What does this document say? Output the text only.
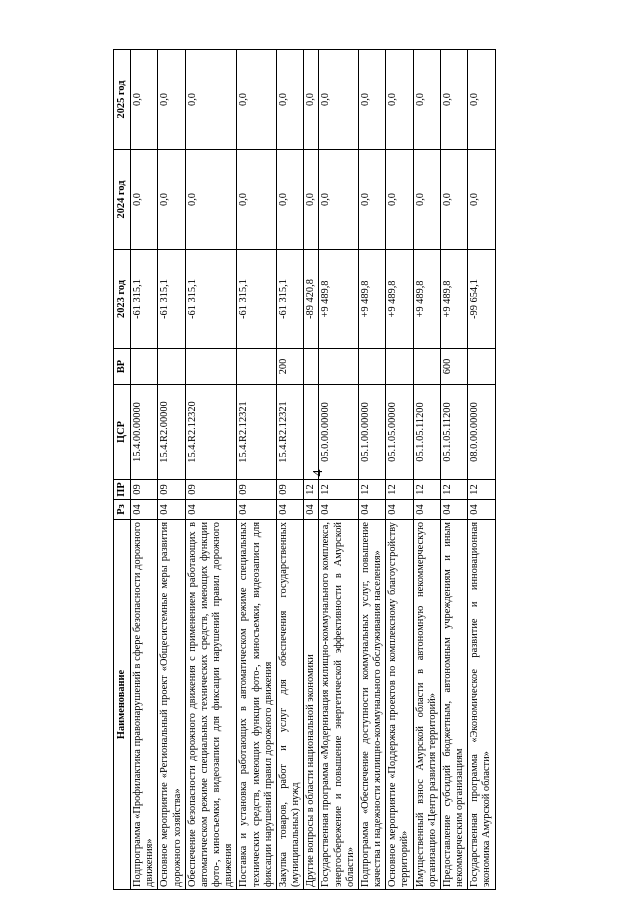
4
Наименование	Рз	ПР	ЦСР	ВР	2023 год	2024 год	2025 год
Подпрограмма «Профилактика правонарушений в сфере безопасности дорожного движения»	04	09	15.4.00.00000		-61 315,1	0,0	0,0
Основное мероприятие «Региональный проект «Общесистемные меры развития дорожного хозяйства»	04	09	15.4.R2.00000		-61 315,1	0,0	0,0
Обеспечение безопасности дорожного движения с применением работающих в автоматическом режиме специальных технических средств, имеющих функции фото-, киносъемки, видеозаписи для фиксации нарушений правил дорожного движения	04	09	15.4.R2.12320		-61 315,1	0,0	0,0
Поставка и установка работающих в автоматическом режиме специальных технических средств, имеющих функции фото-, киносъемки, видеозаписи для фиксации нарушений правил дорожного движения	04	09	15.4.R2.12321		-61 315,1	0,0	0,0
Закупка товаров, работ и услуг для обеспечения государственных (муниципальных) нужд	04	09	15.4.R2.12321	200	-61 315,1	0,0	0,0
Другие вопросы в области национальной экономики	04	12			-89 420,8	0,0	0,0
Государственная программа «Модернизация жилищно-коммунального комплекса, энергосбережение и повышение энергетической эффективности в Амурской области»	04	12	05.0.00.00000		+9 489,8	0,0	0,0
Подпрограмма «Обеспечение доступности коммунальных услуг, повышение качества и надежности жилищно-коммунального обслуживания населения»	04	12	05.1.00.00000		+9 489,8	0,0	0,0
Основное мероприятие «Поддержка проектов по комплексному благоустройству территорий»	04	12	05.1.05.00000		+9 489,8	0,0	0,0
Имущественный взнос Амурской области в автономную некоммерческую организацию «Центр развития территорий»	04	12	05.1.05.11200		+9 489,8	0,0	0,0
Предоставление субсидий бюджетным, автономным учреждениям и иным некоммерческим организациям	04	12	05.1.05.11200	600	+9 489,8	0,0	0,0
Государственная программа «Экономическое развитие и инновационная экономика Амурской области»	04	12	08.0.00.00000		-99 654,1	0,0	0,0
